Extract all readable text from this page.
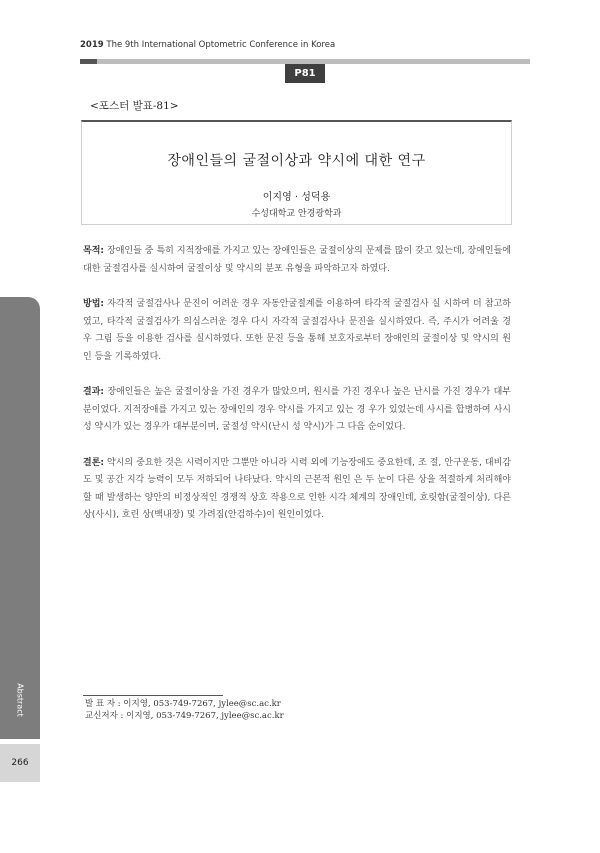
2019 The 9th International Optometric Conference in Korea
P81
<포스터 발표-81>
장애인들의 굴절이상과 약시에 대한 연구
이지영 · 성덕용
수성대학교 안경광학과

목적: 장애인들 중 특히 지적장애를 가지고 있는 장애인들은 굴절이상의 문제를 많이 갖고 있는데, 장애인들에 대한 굴절검사를 실시하여 굴절이상 및 약시의 분포 유형을 파악하고자 하였다.

방법: 자각적 굴절검사나 문진이 어려운 경우 자동안굴절계를 이용하여 타각적 굴절검사 실 시하여 더 참고하였고, 타각적 굴절검사가 의심스러운 경우 다시 자각적 굴절검사나 문진을 실시하였다. 즉, 주시가 어려울 경우 그림 등을 이용한 검사를 실시하였다. 또한 문진 등을 통해 보호자로부터 장애인의 굴절이상 및 약시의 원인 등을 기록하였다.

결과: 장애인들은 높은 굴절이상을 가진 경우가 많았으며, 원시를 가진 경우나 높은 난시를 가진 경우가 대부분이었다. 지적장애를 가지고 있는 장애인의 경우 약시를 가지고 있는 경 우가 있었는데 사시를 합병하여 사시성 약시가 있는 경우가 대부분이며, 굴절성 약시(난시 성 약시)가 그 다음 순이었다.

결론: 약시의 중요한 것은 시력이지만 그뿐만 아니라 시력 외에 기능장애도 중요한데, 조 절, 안구운동, 대비감도 및 공간 지각 능력이 모두 저하되어 나타났다. 약시의 근본적 원인 은 두 눈이 다른 상을 적절하게 처리해야 할 때 발생하는 양안의 비정상적인 경쟁적 상호 작용으로 인한 시각 체계의 장애인데, 흐릿함(굴절이상), 다른 상(사시), 흐린 상(백내장) 및 가려짐(안검하수)이 원인이었다.

발 표 자 : 이지영, 053-749-7267, jylee@sc.ac.kr
교신저자 : 이지영, 053-749-7267, jylee@sc.ac.kr
Abstract
266
